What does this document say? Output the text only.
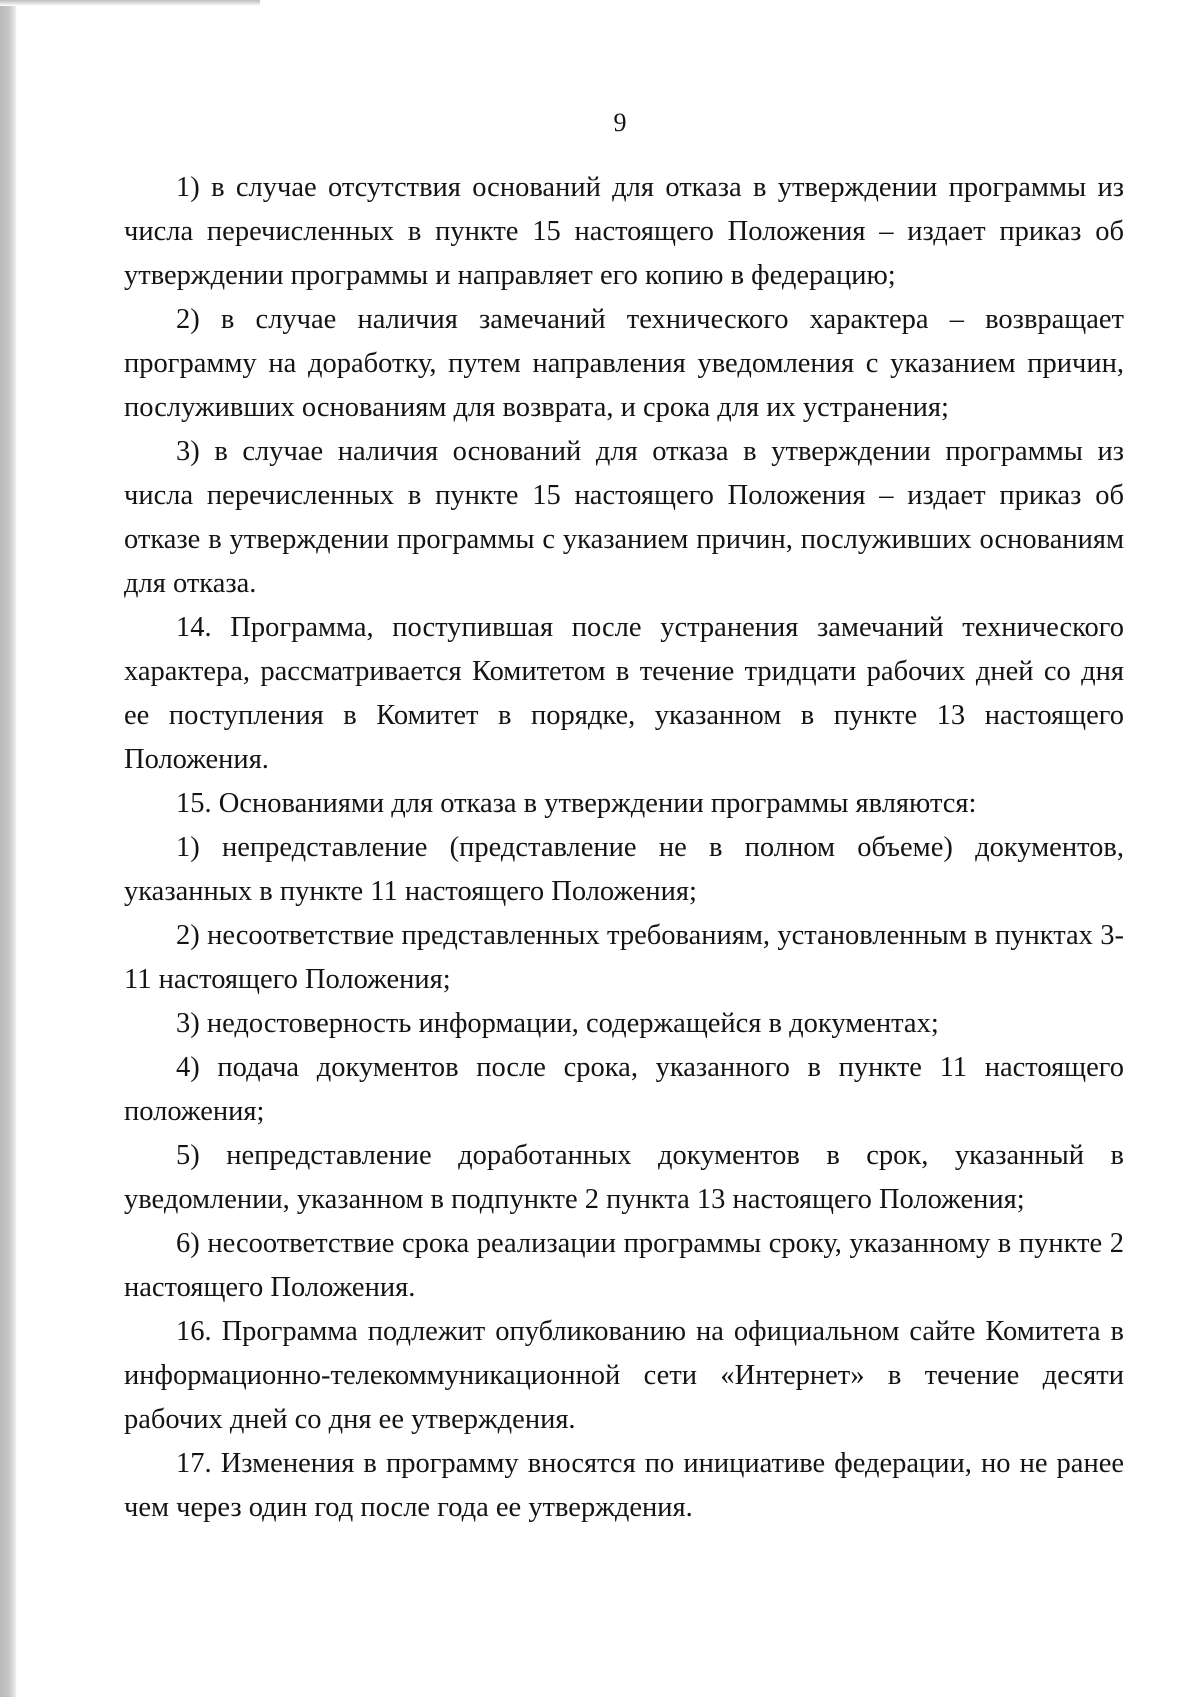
9

1) в случае отсутствия оснований для отказа в утверждении программы из числа перечисленных в пункте 15 настоящего Положения – издает приказ об утверждении программы и направляет его копию в федерацию;

2) в случае наличия замечаний технического характера – возвращает программу на доработку, путем направления уведомления с указанием причин, послуживших основаниям для возврата, и срока для их устранения;

3) в случае наличия оснований для отказа в утверждении программы из числа перечисленных в пункте 15 настоящего Положения – издает приказ об отказе в утверждении программы с указанием причин, послуживших основаниям для отказа.

14. Программа, поступившая после устранения замечаний технического характера, рассматривается Комитетом в течение тридцати рабочих дней со дня ее поступления в Комитет в порядке, указанном в пункте 13 настоящего Положения.

15. Основаниями для отказа в утверждении программы являются:

1) непредставление (представление не в полном объеме) документов, указанных в пункте 11 настоящего Положения;

2) несоответствие представленных требованиям, установленным в пунктах 3-11 настоящего Положения;

3) недостоверность информации, содержащейся в документах;

4) подача документов после срока, указанного в пункте 11 настоящего положения;

5) непредставление доработанных документов в срок, указанный в уведомлении, указанном в подпункте 2 пункта 13 настоящего Положения;

6) несоответствие срока реализации программы сроку, указанному в пункте 2 настоящего Положения.

16. Программа подлежит опубликованию на официальном сайте Комитета в информационно-телекоммуникационной сети «Интернет» в течение десяти рабочих дней со дня ее утверждения.

17. Изменения в программу вносятся по инициативе федерации, но не ранее чем через один год после года ее утверждения.
